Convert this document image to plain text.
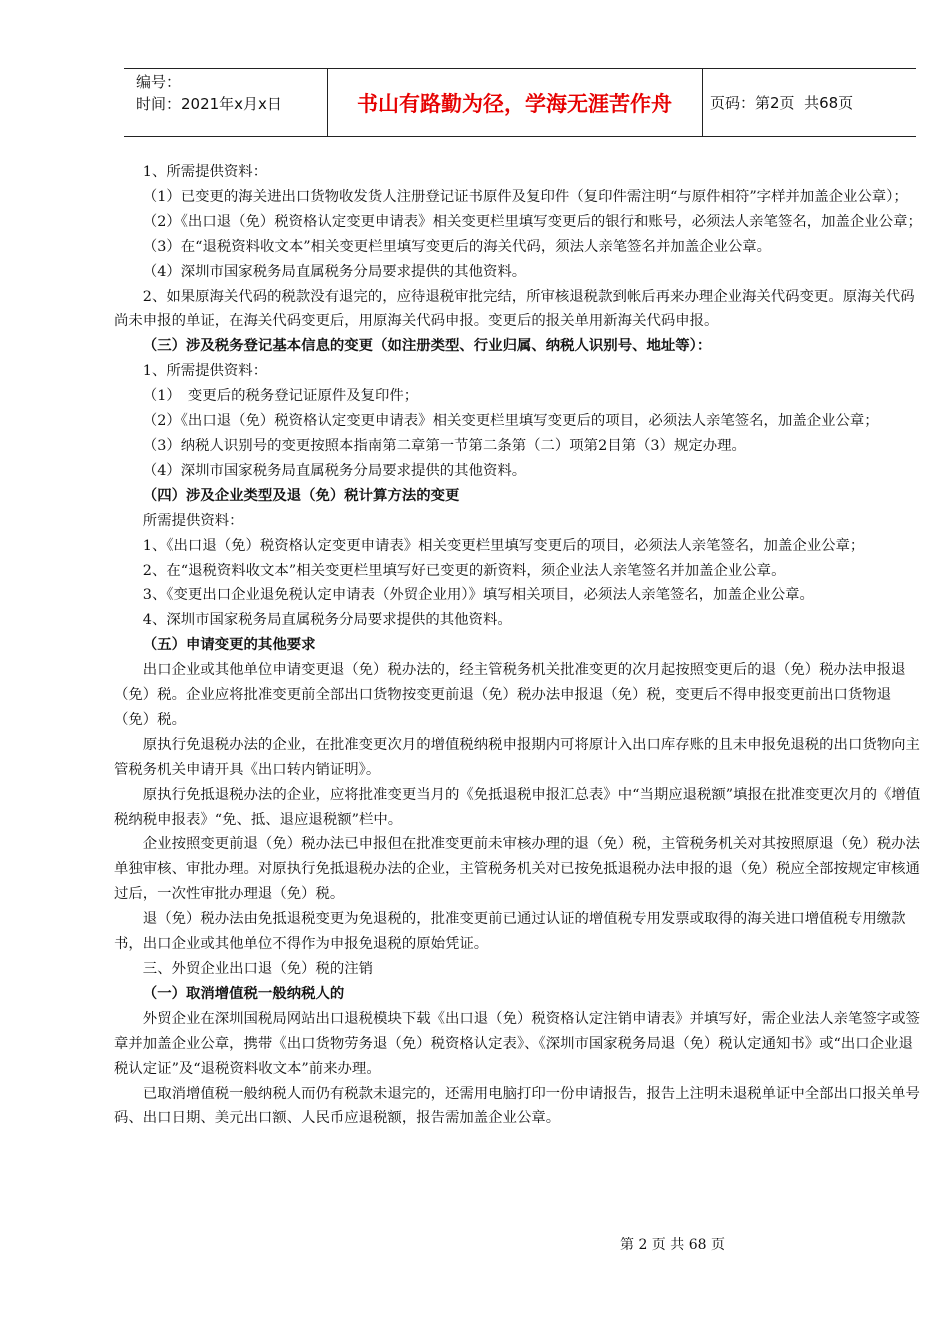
编号：
时间：2021年x月x日	书山有路勤为径，学海无涯苦作舟	页码：第2页  共68页

1、所需提供资料：

（1）已变更的海关进出口货物收发货人注册登记证书原件及复印件（复印件需注明“与原件相符”字样并加盖企业公章）；

（2）《出口退（免）税资格认定变更申请表》相关变更栏里填写变更后的银行和账号，必须法人亲笔签名，加盖企业公章；

（3）在“退税资料收文本”相关变更栏里填写变更后的海关代码，须法人亲笔签名并加盖企业公章。

（4）深圳市国家税务局直属税务分局要求提供的其他资料。

2、如果原海关代码的税款没有退完的，应待退税审批完结，所审核退税款到帐后再来办理企业海关代码变更。原海关代码尚未申报的单证，在海关代码变更后，用原海关代码申报。变更后的报关单用新海关代码申报。

（三）涉及税务登记基本信息的变更（如注册类型、行业归属、纳税人识别号、地址等）：

1、所需提供资料：

（1）　变更后的税务登记证原件及复印件；

（2）《出口退（免）税资格认定变更申请表》相关变更栏里填写变更后的项目，必须法人亲笔签名，加盖企业公章；

（3）纳税人识别号的变更按照本指南第二章第一节第二条第（二）项第2目第（3）规定办理。

（4）深圳市国家税务局直属税务分局要求提供的其他资料。

（四）涉及企业类型及退（免）税计算方法的变更

所需提供资料：

1、《出口退（免）税资格认定变更申请表》相关变更栏里填写变更后的项目，必须法人亲笔签名，加盖企业公章；

2、在“退税资料收文本”相关变更栏里填写好已变更的新资料，须企业法人亲笔签名并加盖企业公章。

3、《变更出口企业退免税认定申请表（外贸企业用）》填写相关项目，必须法人亲笔签名，加盖企业公章。

4、深圳市国家税务局直属税务分局要求提供的其他资料。

（五）申请变更的其他要求

出口企业或其他单位申请变更退（免）税办法的，经主管税务机关批准变更的次月起按照变更后的退（免）税办法申报退（免）税。企业应将批准变更前全部出口货物按变更前退（免）税办法申报退（免）税，变更后不得申报变更前出口货物退（免）税。

原执行免退税办法的企业，在批准变更次月的增值税纳税申报期内可将原计入出口库存账的且未申报免退税的出口货物向主管税务机关申请开具《出口转内销证明》。

原执行免抵退税办法的企业，应将批准变更当月的《免抵退税申报汇总表》中“当期应退税额”填报在批准变更次月的《增值税纳税申报表》“免、抵、退应退税额”栏中。

企业按照变更前退（免）税办法已申报但在批准变更前未审核办理的退（免）税，主管税务机关对其按照原退（免）税办法单独审核、审批办理。对原执行免抵退税办法的企业，主管税务机关对已按免抵退税办法申报的退（免）税应全部按规定审核通过后，一次性审批办理退（免）税。

退（免）税办法由免抵退税变更为免退税的，批准变更前已通过认证的增值税专用发票或取得的海关进口增值税专用缴款书，出口企业或其他单位不得作为申报免退税的原始凭证。

三、外贸企业出口退（免）税的注销

（一）取消增值税一般纳税人的

外贸企业在深圳国税局网站出口退税模块下载《出口退（免）税资格认定注销申请表》并填写好，需企业法人亲笔签字或签章并加盖企业公章，携带《出口货物劳务退（免）税资格认定表》、《深圳市国家税务局退（免）税认定通知书》或“出口企业退税认定证”及“退税资料收文本”前来办理。

已取消增值税一般纳税人而仍有税款未退完的，还需用电脑打印一份申请报告，报告上注明未退税单证中全部出口报关单号码、出口日期、美元出口额、人民币应退税额，报告需加盖企业公章。

第 2 页 共 68 页
